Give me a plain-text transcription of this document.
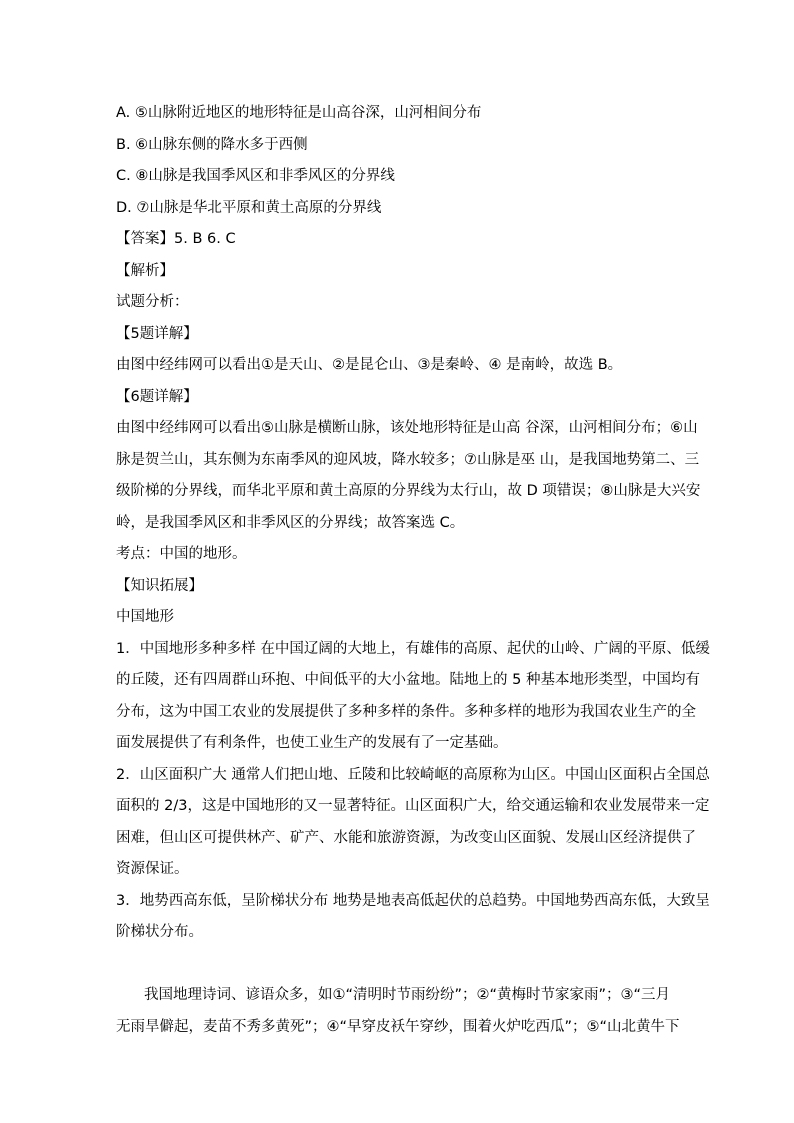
A. ⑤山脉附近地区的地形特征是山高谷深，山河相间分布
B. ⑥山脉东侧的降水多于西侧
C. ⑧山脉是我国季风区和非季风区的分界线
D. ⑦山脉是华北平原和黄土高原的分界线
【答案】5. B 6. C
【解析】
试题分析：
【5题详解】
由图中经纬网可以看出①是天山、②是昆仑山、③是秦岭、④ 是南岭，故选 B。
【6题详解】
由图中经纬网可以看出⑤山脉是横断山脉，该处地形特征是山高 谷深，山河相间分布；⑥山
脉是贺兰山，其东侧为东南季风的迎风坡，降水较多；⑦山脉是巫 山，是我国地势第二、三
级阶梯的分界线，而华北平原和黄土高原的分界线为太行山，故 D 项错误；⑧山脉是大兴安
岭，是我国季风区和非季风区的分界线；故答案选 C。
考点：中国的地形。
【知识拓展】
中国地形
1．中国地形多种多样 在中国辽阔的大地上，有雄伟的高原、起伏的山岭、广阔的平原、低缓
的丘陵，还有四周群山环抱、中间低平的大小盆地。陆地上的 5 种基本地形类型，中国均有
分布，这为中国工农业的发展提供了多种多样的条件。多种多样的地形为我国农业生产的全
面发展提供了有利条件，也使工业生产的发展有了一定基础。
2．山区面积广大 通常人们把山地、丘陵和比较崎岖的高原称为山区。中国山区面积占全国总
面积的 2/3，这是中国地形的又一显著特征。山区面积广大，给交通运输和农业发展带来一定
困难，但山区可提供林产、矿产、水能和旅游资源，为改变山区面貌、发展山区经济提供了
资源保证。
3．地势西高东低，呈阶梯状分布 地势是地表高低起伏的总趋势。中国地势西高东低，大致呈
阶梯状分布。
我国地理诗词、谚语众多，如①“清明时节雨纷纷”；②“黄梅时节家家雨”；③“三月
无雨旱僻起，麦苗不秀多黄死”；④“早穿皮袄午穿纱，围着火炉吃西瓜”；⑤“山北黄牛下
